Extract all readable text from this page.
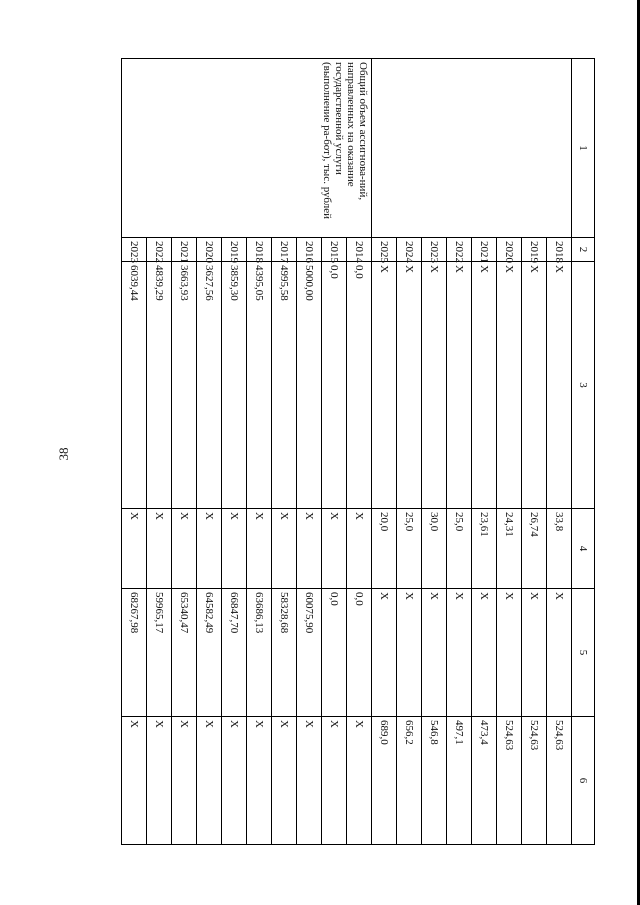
38
1	2	3	4	5	6
	2018	X	33,8	X	524,63
	2019	X	26,74	X	524,63
	2020	X	24,31	X	524,63
	2021	X	23,61	X	473,4
	2022	X	25,0	X	497,1
	2023	X	30,0	X	546,8
	2024	X	25,0	X	656,2
	2025	X	20,0	X	689,0
Общий объем ассигнова-ний, направленных на оказание государственной услуги (выполнение ра-бот), тыс. рублей	2014	0,0	X	0,0	X
	2015	0,0	X	0,0	X
	2016	5000,00	X	60075,90	X
	2017	4995,58	X	58328,68	X
	2018	4395,05	X	63686,13	X
	2019	3859,30	X	66847,70	X
	2020	3627,56	X	64582,49	X
	2021	3663,93	X	65340,47	X
	2022	4839,29	X	59965,17	X
	2023	6039,44	X	68267,98	X
